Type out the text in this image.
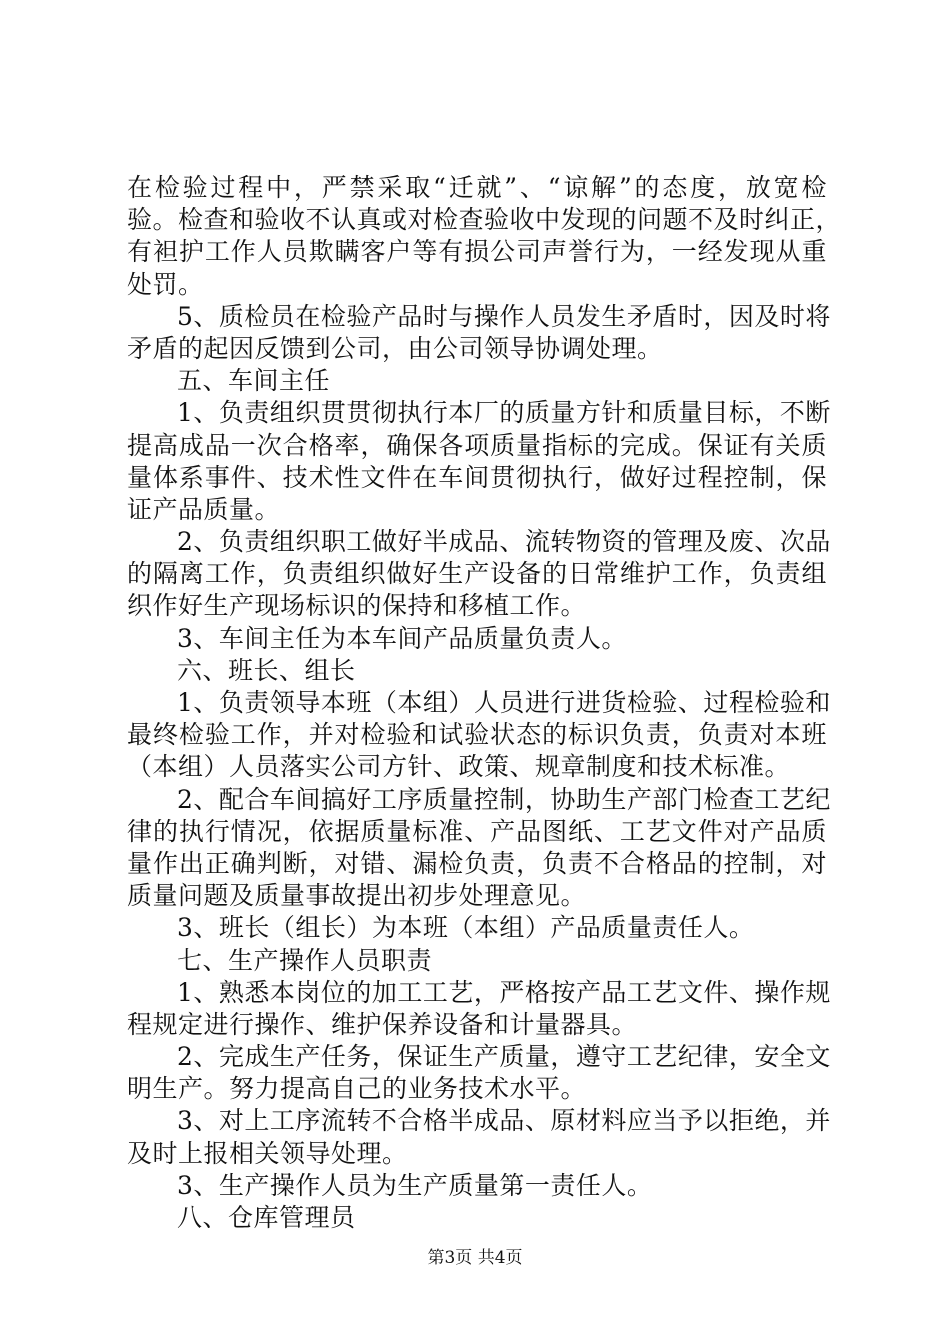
在检验过程中，严禁采取“迁就”、“谅解”的态度，放宽检
验。检查和验收不认真或对检查验收中发现的问题不及时纠正，
有袒护工作人员欺瞒客户等有损公司声誉行为，一经发现从重
处罚。
5、质检员在检验产品时与操作人员发生矛盾时，因及时将
矛盾的起因反馈到公司，由公司领导协调处理。
五、车间主任
1、负责组织贯贯彻执行本厂的质量方针和质量目标，不断
提高成品一次合格率，确保各项质量指标的完成。保证有关质
量体系事件、技术性文件在车间贯彻执行，做好过程控制，保
证产品质量。
2、负责组织职工做好半成品、流转物资的管理及废、次品
的隔离工作，负责组织做好生产设备的日常维护工作，负责组
织作好生产现场标识的保持和移植工作。
3、车间主任为本车间产品质量负责人。
六、班长、组长
1、负责领导本班（本组）人员进行进货检验、过程检验和
最终检验工作，并对检验和试验状态的标识负责，负责对本班
（本组）人员落实公司方针、政策、规章制度和技术标准。
2、配合车间搞好工序质量控制，协助生产部门检查工艺纪
律的执行情况，依据质量标准、产品图纸、工艺文件对产品质
量作出正确判断，对错、漏检负责，负责不合格品的控制，对
质量问题及质量事故提出初步处理意见。
3、班长（组长）为本班（本组）产品质量责任人。
七、生产操作人员职责
1、熟悉本岗位的加工工艺，严格按产品工艺文件、操作规
程规定进行操作、维护保养设备和计量器具。
2、完成生产任务，保证生产质量，遵守工艺纪律，安全文
明生产。努力提高自己的业务技术水平。
3、对上工序流转不合格半成品、原材料应当予以拒绝，并
及时上报相关领导处理。
3、生产操作人员为生产质量第一责任人。
八、仓库管理员
第3页 共4页
